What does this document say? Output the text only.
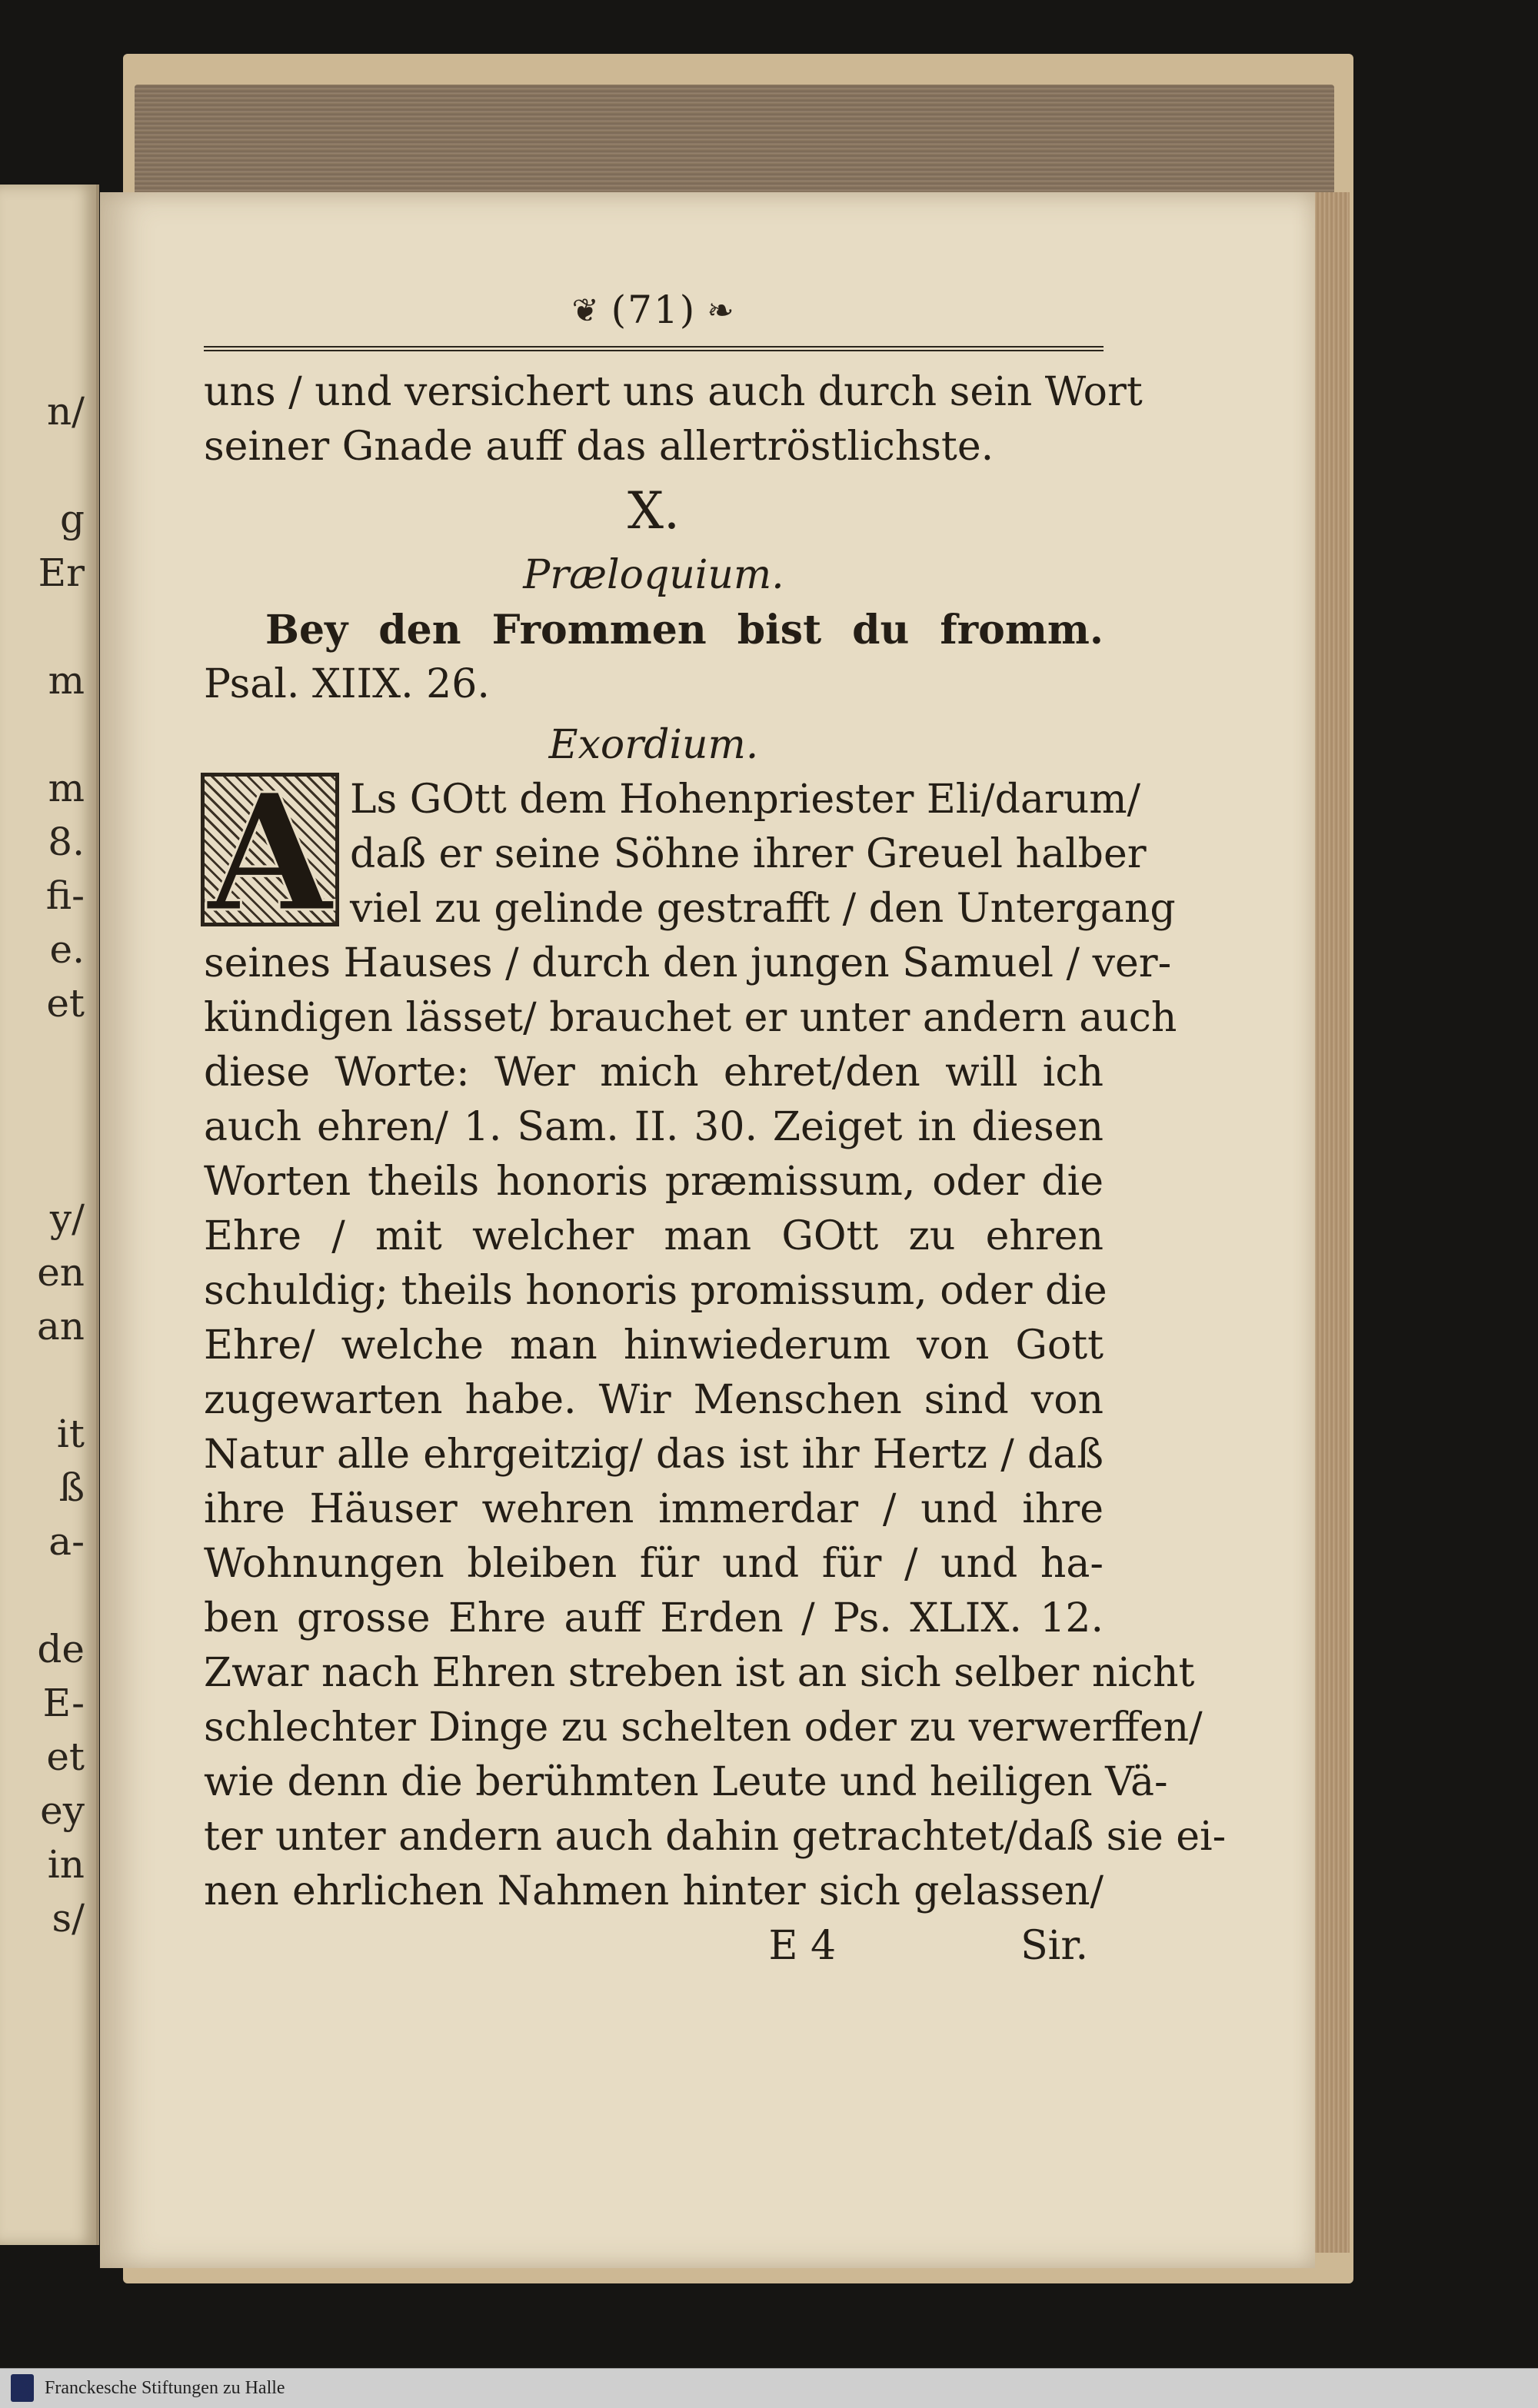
n/
g
Er
m
m
8.
fi-
e.
et
y/
en
an
it
ß
a-
de
E-
et
ey
in
s/
❦ (71) ❧
uns / und versichert uns auch durch sein Wort
seiner Gnade auff das allertröstlichste.
X.
Præloquium.
Bey den Frommen bist du fromm.
Psal. XIIX. 26.
Exordium.
A Ls GOtt dem Hohenpriester Eli/darum/
daß er seine Söhne ihrer Greuel halber
viel zu gelinde gestrafft / den Untergang
seines Hauses / durch den jungen Samuel / ver-
kündigen lässet/ brauchet er unter andern auch
diese Worte: Wer mich ehret/den will ich
auch ehren/ 1. Sam. II. 30. Zeiget in diesen
Worten theils honoris præmissum, oder die
Ehre / mit welcher man GOtt zu ehren
schuldig; theils honoris promissum, oder die
Ehre/ welche man hinwiederum von Gott
zugewarten habe. Wir Menschen sind von
Natur alle ehrgeitzig/ das ist ihr Hertz / daß
ihre Häuser wehren immerdar / und ihre
Wohnungen bleiben für und für / und ha-
ben grosse Ehre auff Erden / Ps. XLIX. 12.
Zwar nach Ehren streben ist an sich selber nicht
schlechter Dinge zu schelten oder zu verwerffen/
wie denn die berühmten Leute und heiligen Vä-
ter unter andern auch dahin getrachtet/daß sie ei-
nen ehrlichen Nahmen hinter sich gelassen/
E 4	Sir.
Franckesche Stiftungen zu Halle
